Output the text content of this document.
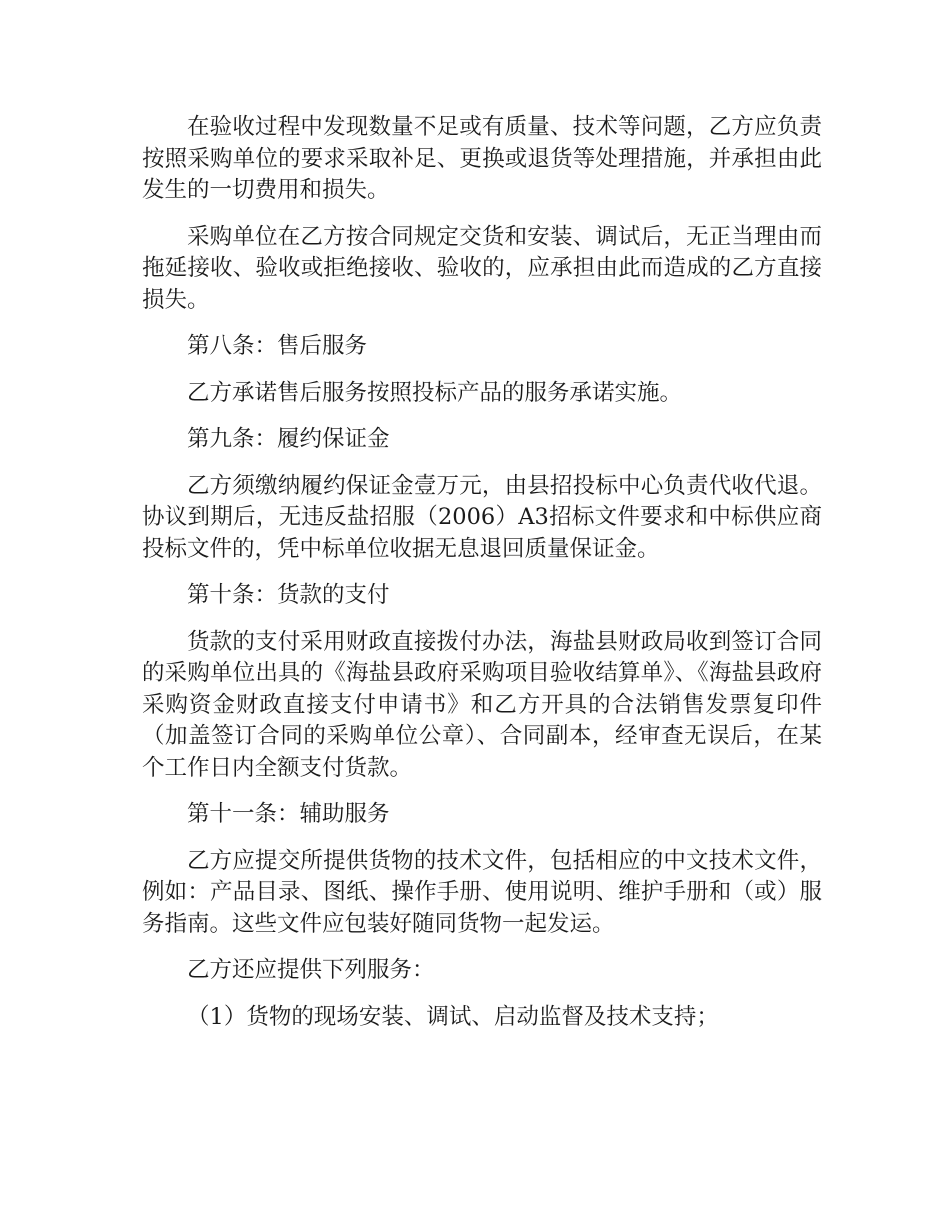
在验收过程中发现数量不足或有质量、技术等问题，乙方应负责按照采购单位的要求采取补足、更换或退货等处理措施，并承担由此发生的一切费用和损失。

采购单位在乙方按合同规定交货和安装、调试后，无正当理由而拖延接收、验收或拒绝接收、验收的，应承担由此而造成的乙方直接损失。

第八条：售后服务

乙方承诺售后服务按照投标产品的服务承诺实施。

第九条：履约保证金

乙方须缴纳履约保证金壹万元，由县招投标中心负责代收代退。协议到期后，无违反盐招服（2006）A3招标文件要求和中标供应商投标文件的，凭中标单位收据无息退回质量保证金。

第十条：货款的支付

货款的支付采用财政直接拨付办法，海盐县财政局收到签订合同的采购单位出具的《海盐县政府采购项目验收结算单》、《海盐县政府采购资金财政直接支付申请书》和乙方开具的合法销售发票复印件（加盖签订合同的采购单位公章）、合同副本，经审查无误后，在某个工作日内全额支付货款。

第十一条：辅助服务

乙方应提交所提供货物的技术文件，包括相应的中文技术文件，例如：产品目录、图纸、操作手册、使用说明、维护手册和（或）服务指南。这些文件应包装好随同货物一起发运。

乙方还应提供下列服务：

（1）货物的现场安装、调试、启动监督及技术支持；
